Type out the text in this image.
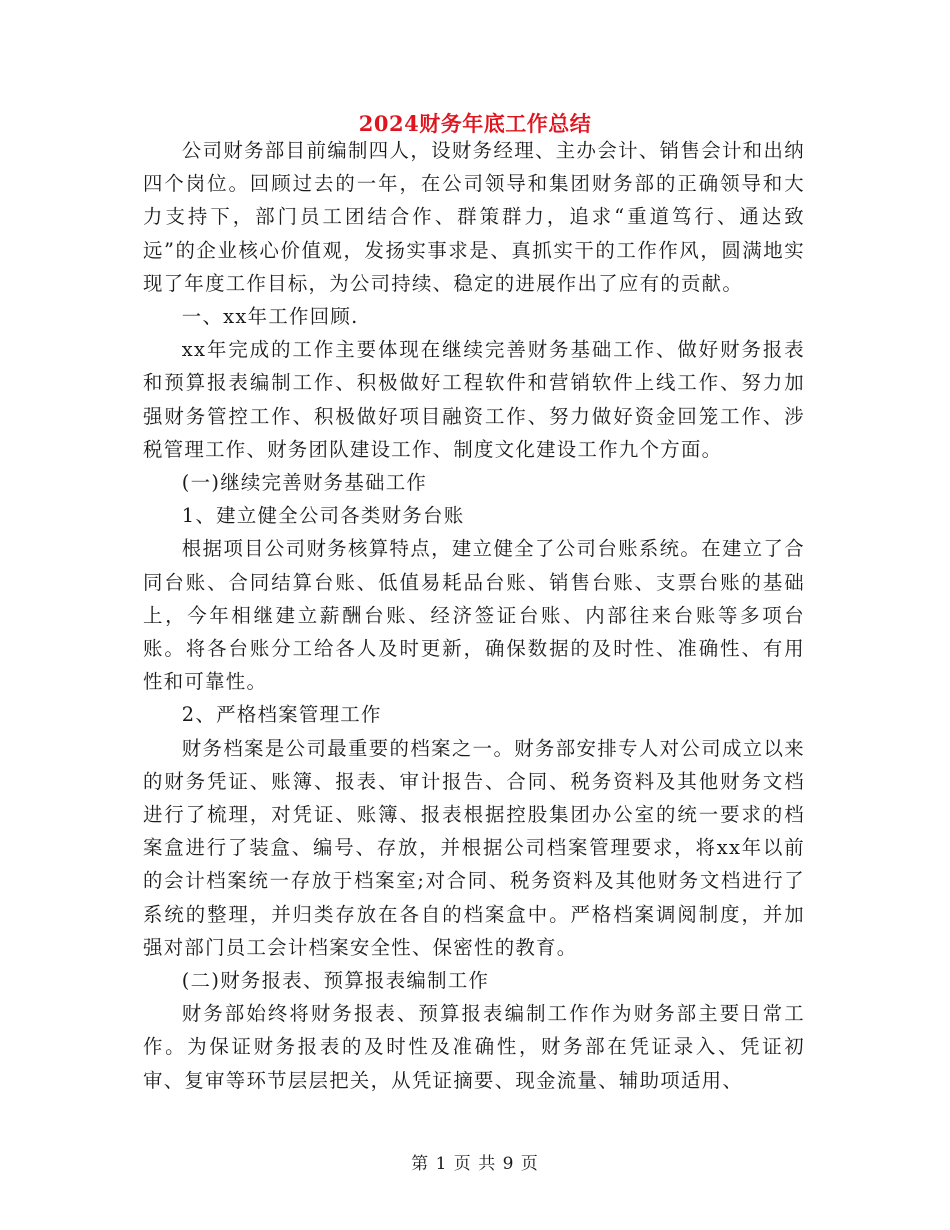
2024财务年底工作总结

公司财务部目前编制四人，设财务经理、主办会计、销售会计和出纳四个岗位。回顾过去的一年，在公司领导和集团财务部的正确领导和大力支持下，部门员工团结合作、群策群力，追求“重道笃行、通达致远”的企业核心价值观，发扬实事求是、真抓实干的工作作风，圆满地实现了年度工作目标，为公司持续、稳定的进展作出了应有的贡献。

一、xx年工作回顾.

xx年完成的工作主要体现在继续完善财务基础工作、做好财务报表和预算报表编制工作、积极做好工程软件和营销软件上线工作、努力加强财务管控工作、积极做好项目融资工作、努力做好资金回笼工作、涉税管理工作、财务团队建设工作、制度文化建设工作九个方面。

(一)继续完善财务基础工作

1、建立健全公司各类财务台账

根据项目公司财务核算特点，建立健全了公司台账系统。在建立了合同台账、合同结算台账、低值易耗品台账、销售台账、支票台账的基础上，今年相继建立薪酬台账、经济签证台账、内部往来台账等多项台账。将各台账分工给各人及时更新，确保数据的及时性、准确性、有用性和可靠性。

2、严格档案管理工作

财务档案是公司最重要的档案之一。财务部安排专人对公司成立以来的财务凭证、账簿、报表、审计报告、合同、税务资料及其他财务文档进行了梳理，对凭证、账簿、报表根据控股集团办公室的统一要求的档案盒进行了装盒、编号、存放，并根据公司档案管理要求，将xx年以前的会计档案统一存放于档案室;对合同、税务资料及其他财务文档进行了系统的整理，并归类存放在各自的档案盒中。严格档案调阅制度，并加强对部门员工会计档案安全性、保密性的教育。

(二)财务报表、预算报表编制工作

财务部始终将财务报表、预算报表编制工作作为财务部主要日常工作。为保证财务报表的及时性及准确性，财务部在凭证录入、凭证初审、复审等环节层层把关，从凭证摘要、现金流量、辅助项适用、

第 1 页 共 9 页
